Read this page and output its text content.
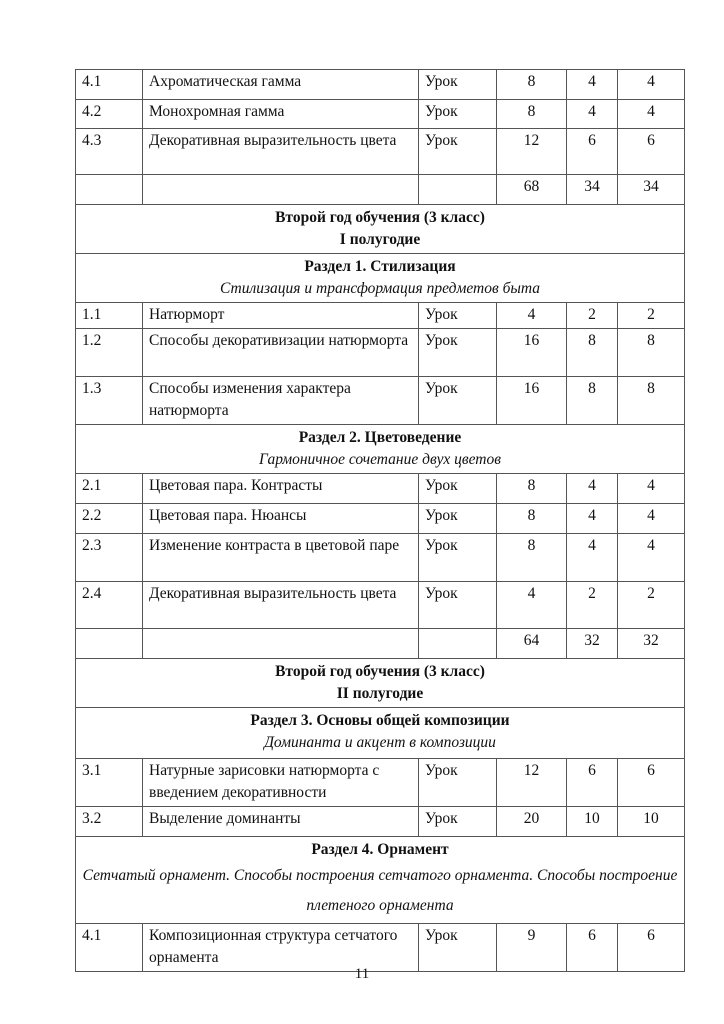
4.1	Ахроматическая гамма	Урок	8	4	4
4.2	Монохромная гамма	Урок	8	4	4
4.3	Декоративная выразительность цвета	Урок	12	6	6
			68	34	34

Второй год обучения (3 класс)
I полугодие					

Раздел 1. Стилизация
Стилизация и трансформация предметов быта					

1.1	Натюрморт	Урок	4	2	2
1.2	Способы декоративизации натюрморта	Урок	16	8	8
1.3	Способы изменения характера натюрморта	Урок	16	8	8

Раздел 2. Цветоведение
Гармоничное сочетание двух цветов					

2.1	Цветовая пара. Контрасты	Урок	8	4	4
2.2	Цветовая пара. Нюансы	Урок	8	4	4
2.3	Изменение контраста в цветовой паре	Урок	8	4	4
2.4	Декоративная выразительность цвета	Урок	4	2	2
			64	32	32

Второй год обучения (3 класс)
II полугодие					

Раздел 3. Основы общей композиции
Доминанта и акцент в композиции					

3.1	Натурные зарисовки натюрморта с введением декоративности	Урок	12	6	6
3.2	Выделение доминанты	Урок	20	10	10

Раздел 4. Орнамент
Сетчатый орнамент. Способы построения сетчатого орнамента. Способы построение плетеного орнамента					

4.1	Композиционная структура сетчатого орнамента	Урок	9	6	6
11
